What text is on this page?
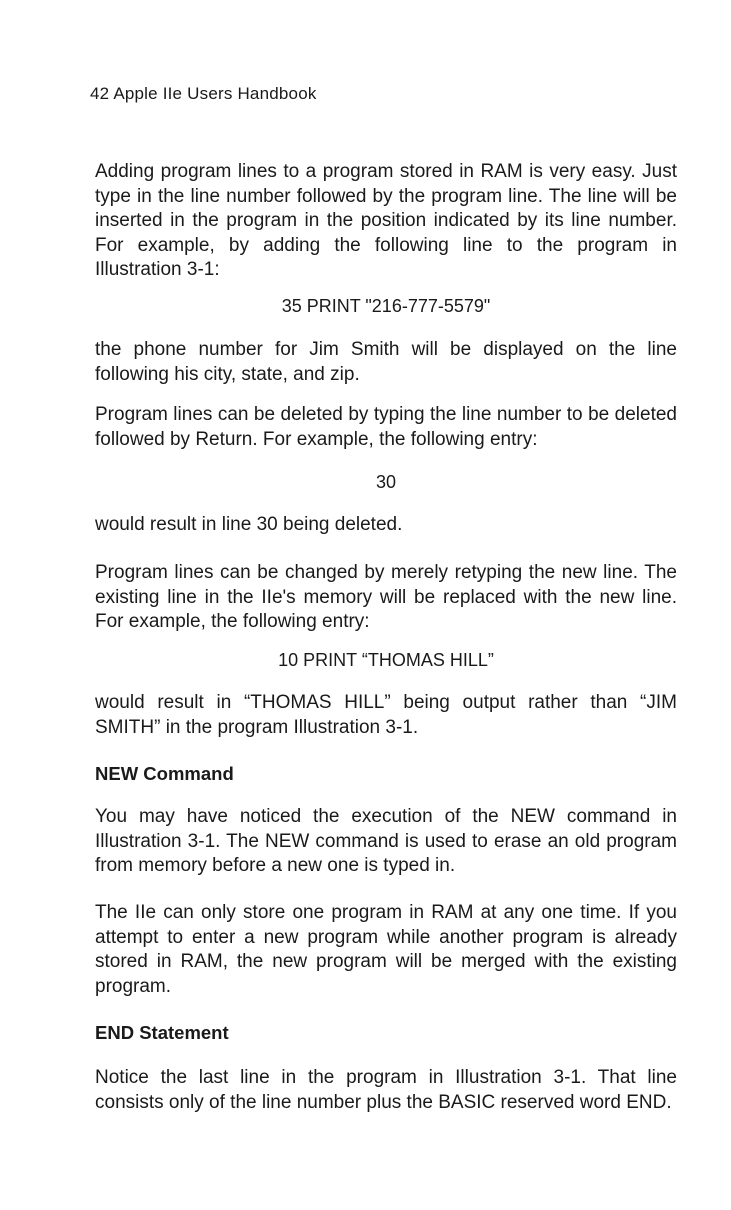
42 Apple IIe Users Handbook
Adding program lines to a program stored in RAM is very easy. Just type in the line number followed by the program line. The line will be inserted in the program in the position indicated by its line number. For example, by adding the following line to the program in Illustration 3-1:
35 PRINT "216-777-5579"
the phone number for Jim Smith will be displayed on the line following his city, state, and zip.
Program lines can be deleted by typing the line number to be deleted followed by Return. For example, the following entry:
30
would result in line 30 being deleted.
Program lines can be changed by merely retyping the new line. The existing line in the IIe's memory will be replaced with the new line. For example, the following entry:
10 PRINT “THOMAS HILL”
would result in “THOMAS HILL” being output rather than “JIM SMITH” in the program Illustration 3-1.
NEW Command
You may have noticed the execution of the NEW command in Illustration 3-1. The NEW command is used to erase an old program from memory before a new one is typed in.
The IIe can only store one program in RAM at any one time. If you attempt to enter a new program while another program is already stored in RAM, the new program will be merged with the existing program.
END Statement
Notice the last line in the program in Illustration 3-1. That line consists only of the line number plus the BASIC reserved word END.
